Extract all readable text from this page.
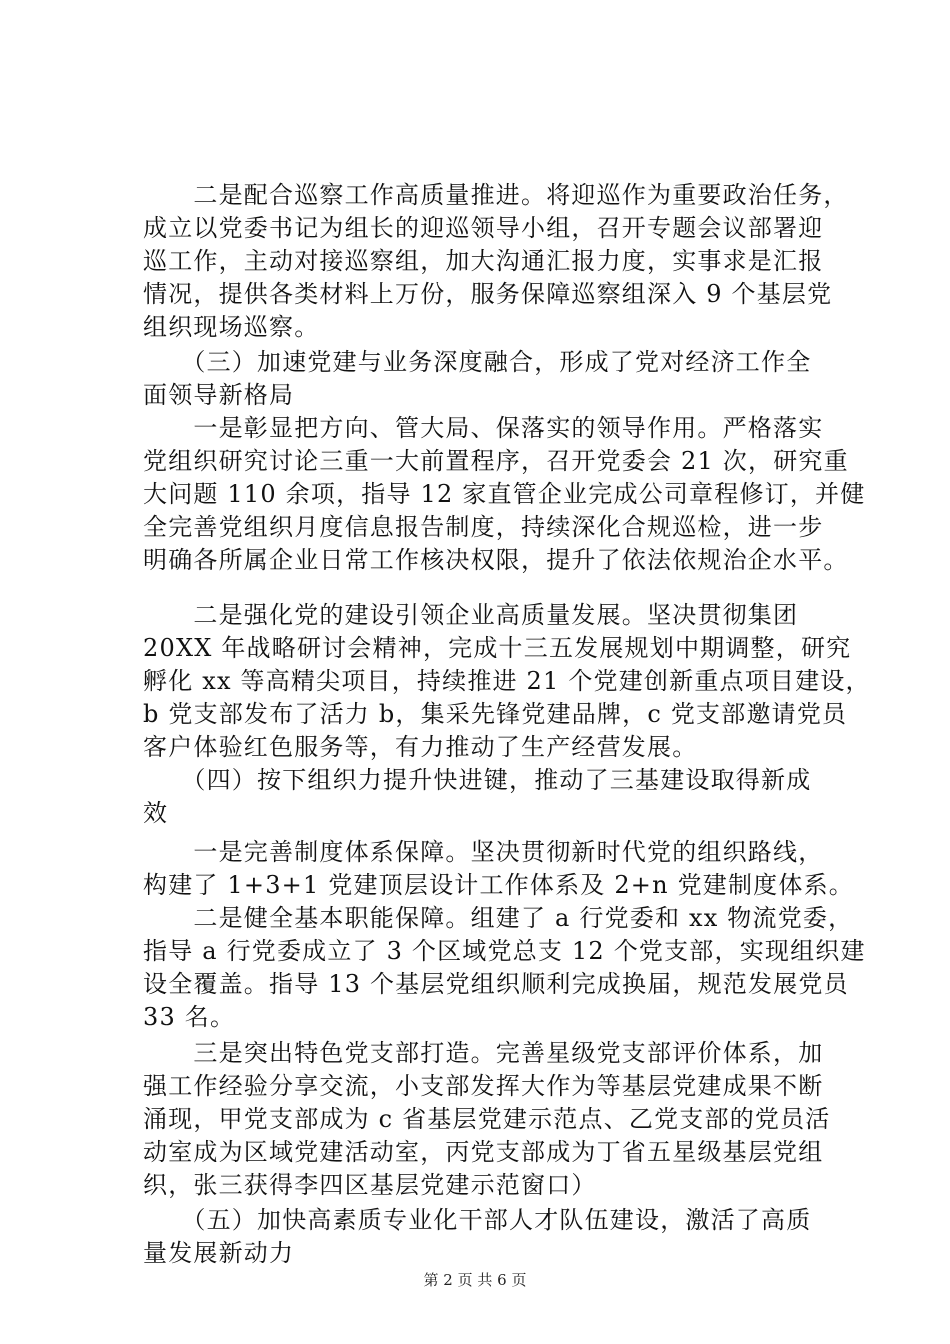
　　二是配合巡察工作高质量推进。将迎巡作为重要政治任务，

成立以党委书记为组长的迎巡领导小组，召开专题会议部署迎

巡工作，主动对接巡察组，加大沟通汇报力度，实事求是汇报

情况，提供各类材料上万份，服务保障巡察组深入 9 个基层党

组织现场巡察。

　　（三）加速党建与业务深度融合，形成了党对经济工作全

面领导新格局

　　一是彰显把方向、管大局、保落实的领导作用。严格落实

党组织研究讨论三重一大前置程序，召开党委会 21 次，研究重

大问题 110 余项，指导 12 家直管企业完成公司章程修订，并健

全完善党组织月度信息报告制度，持续深化合规巡检，进一步

明确各所属企业日常工作核决权限，提升了依法依规治企水平。

　　二是强化党的建设引领企业高质量发展。坚决贯彻集团

20XX 年战略研讨会精神，完成十三五发展规划中期调整，研究

孵化 xx 等高精尖项目，持续推进 21 个党建创新重点项目建设，

b 党支部发布了活力 b，集采先锋党建品牌，c 党支部邀请党员

客户体验红色服务等，有力推动了生产经营发展。

　　（四）按下组织力提升快进键，推动了三基建设取得新成

效

　　一是完善制度体系保障。坚决贯彻新时代党的组织路线，

构建了 1+3+1 党建顶层设计工作体系及 2+n 党建制度体系。

　　二是健全基本职能保障。组建了 a 行党委和 xx 物流党委，

指导 a 行党委成立了 3 个区域党总支 12 个党支部，实现组织建

设全覆盖。指导 13 个基层党组织顺利完成换届，规范发展党员

33 名。

　　三是突出特色党支部打造。完善星级党支部评价体系，加

强工作经验分享交流，小支部发挥大作为等基层党建成果不断

涌现，甲党支部成为 c 省基层党建示范点、乙党支部的党员活

动室成为区域党建活动室，丙党支部成为丁省五星级基层党组

织，张三获得李四区基层党建示范窗口）

　　（五）加快高素质专业化干部人才队伍建设，激活了高质

量发展新动力

第 2 页 共 6 页
